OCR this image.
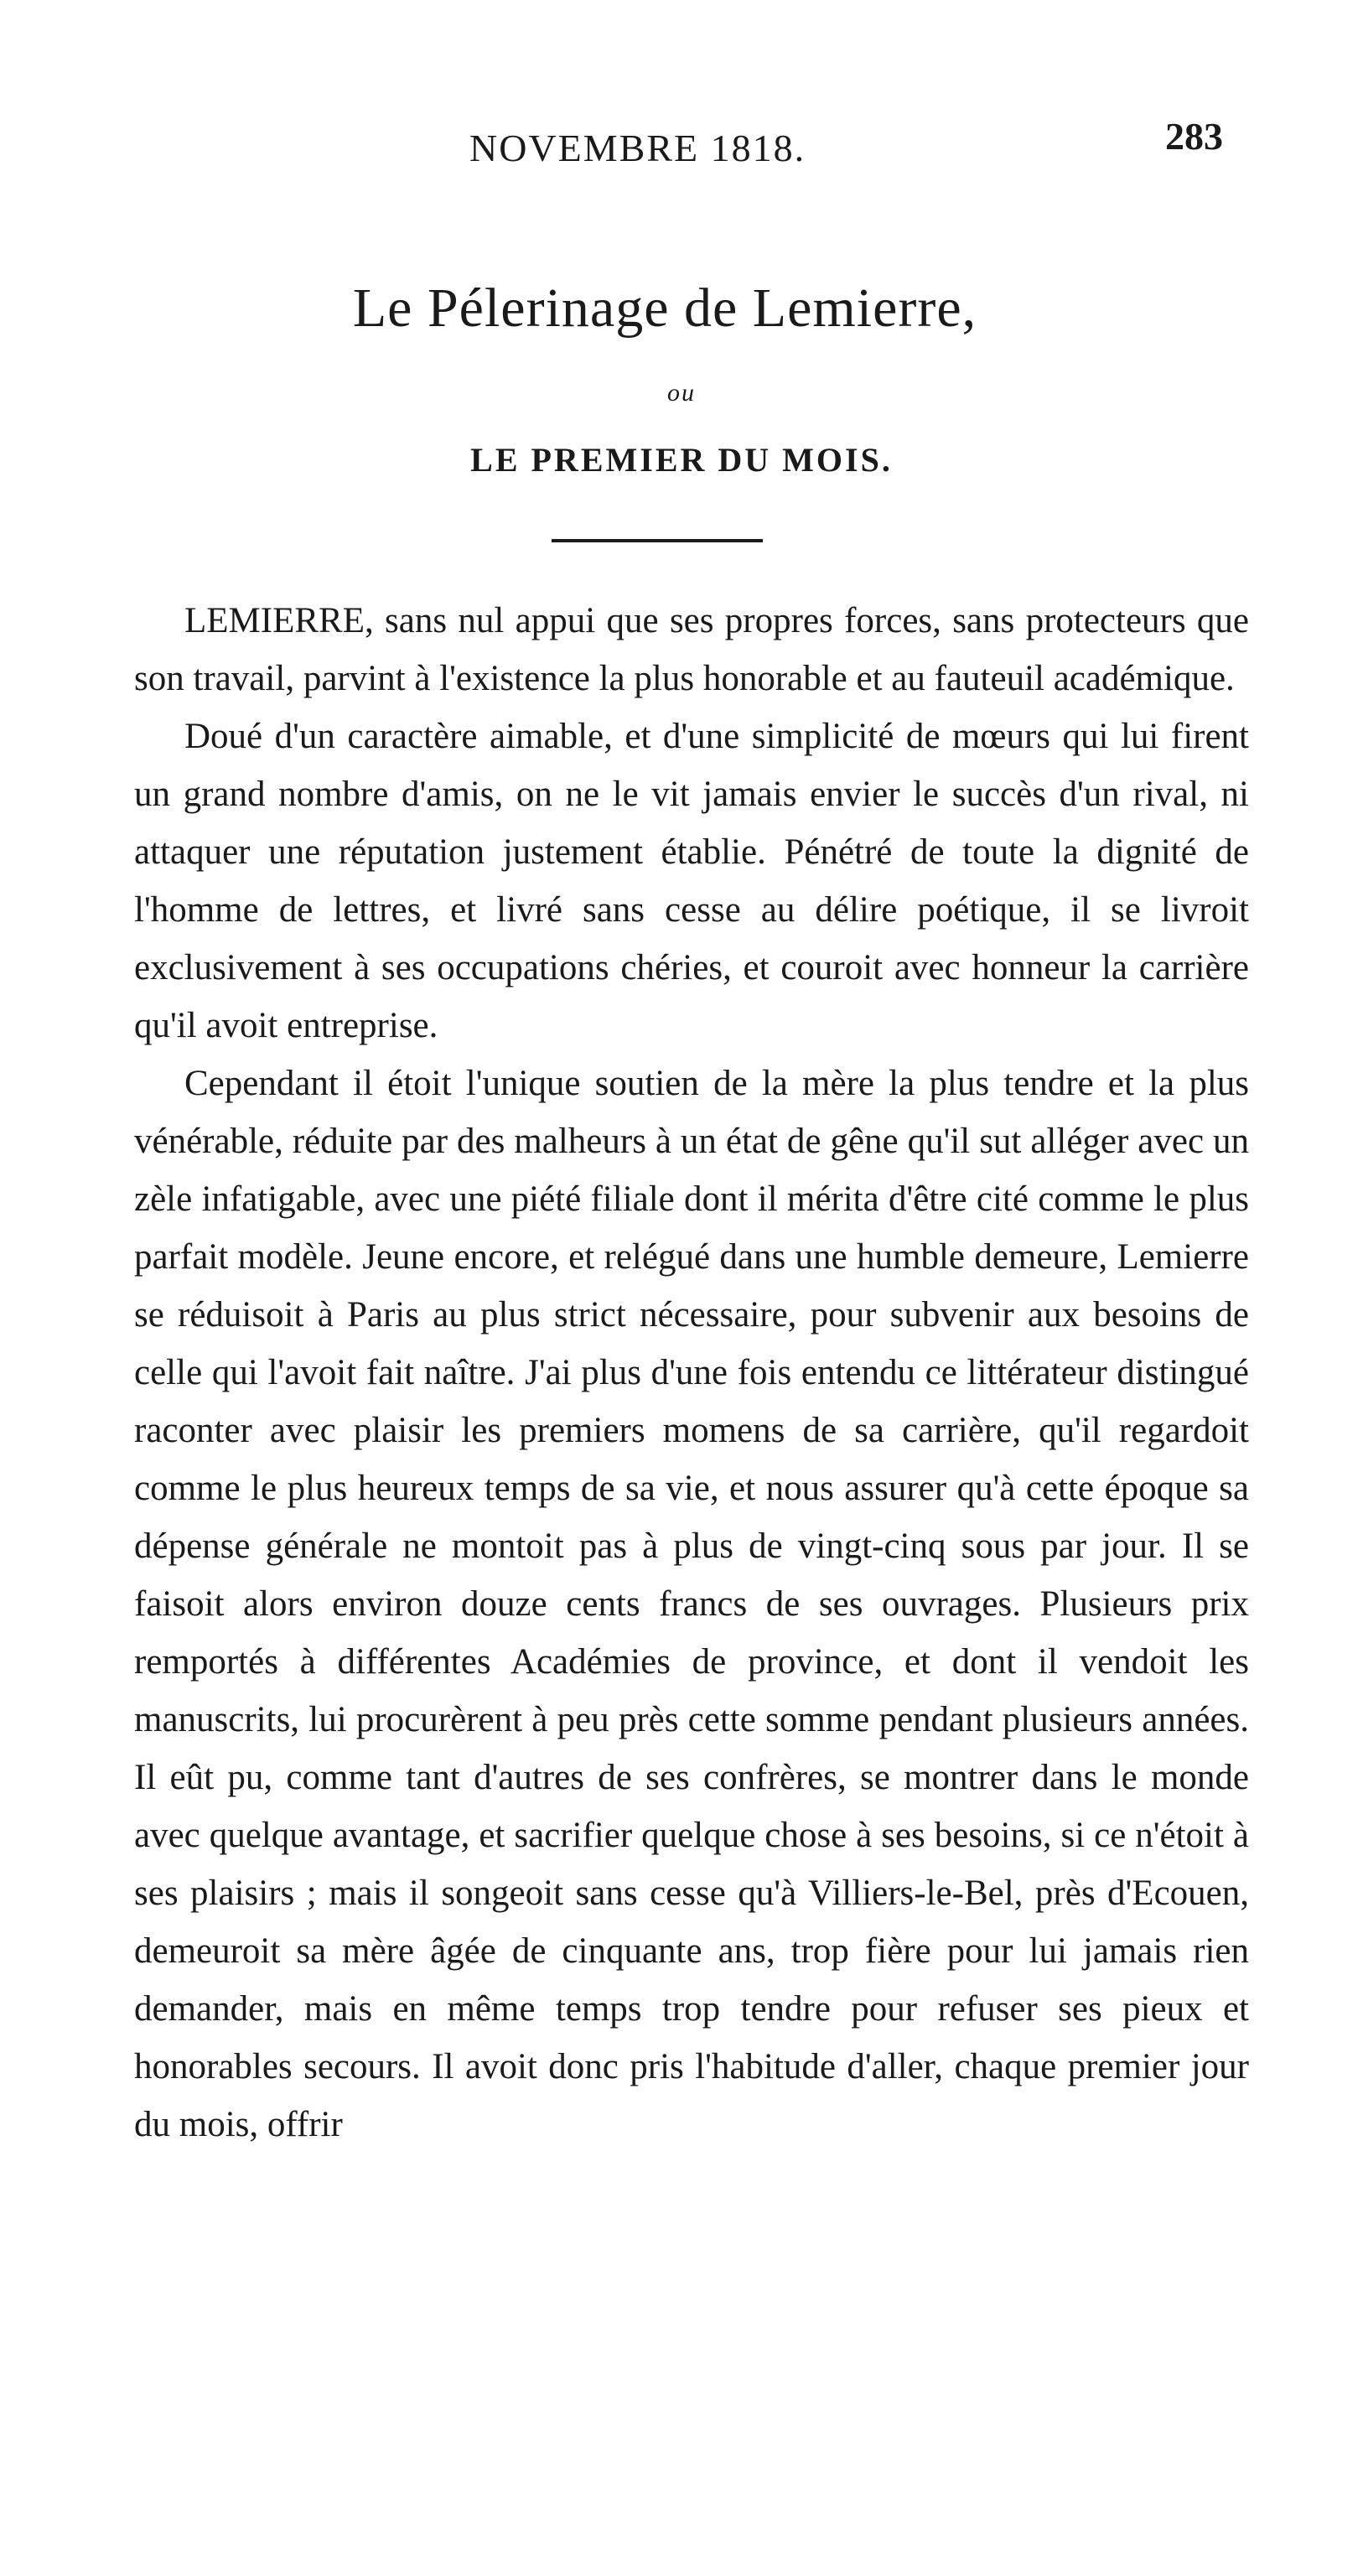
NOVEMBRE 1818.	283
Le Pélerinage de Lemierre,
ou
LE PREMIER DU MOIS.

LEMIERRE, sans nul appui que ses propres forces, sans protecteurs que son travail, parvint à l'existence la plus honorable et au fauteuil académique.

Doué d'un caractère aimable, et d'une simplicité de mœurs qui lui firent un grand nombre d'amis, on ne le vit jamais envier le succès d'un rival, ni attaquer une réputation justement établie. Pénétré de toute la dignité de l'homme de lettres, et livré sans cesse au délire poétique, il se livroit exclusivement à ses occupations chéries, et couroit avec honneur la carrière qu'il avoit entreprise.

Cependant il étoit l'unique soutien de la mère la plus tendre et la plus vénérable, réduite par des malheurs à un état de gêne qu'il sut alléger avec un zèle infatigable, avec une piété filiale dont il mérita d'être cité comme le plus parfait modèle. Jeune encore, et relégué dans une humble demeure, Lemierre se réduisoit à Paris au plus strict nécessaire, pour subvenir aux besoins de celle qui l'avoit fait naître. J'ai plus d'une fois entendu ce littérateur distingué raconter avec plaisir les premiers momens de sa carrière, qu'il regardoit comme le plus heureux temps de sa vie, et nous assurer qu'à cette époque sa dépense générale ne montoit pas à plus de vingt-cinq sous par jour. Il se faisoit alors environ douze cents francs de ses ouvrages. Plusieurs prix remportés à différentes Académies de province, et dont il vendoit les manuscrits, lui procurèrent à peu près cette somme pendant plusieurs années. Il eût pu, comme tant d'autres de ses confrères, se montrer dans le monde avec quelque avantage, et sacrifier quelque chose à ses besoins, si ce n'étoit à ses plaisirs ; mais il songeoit sans cesse qu'à Villiers-le-Bel, près d'Ecouen, demeuroit sa mère âgée de cinquante ans, trop fière pour lui jamais rien demander, mais en même temps trop tendre pour refuser ses pieux et honorables secours. Il avoit donc pris l'habitude d'aller, chaque premier jour du mois, offrir
